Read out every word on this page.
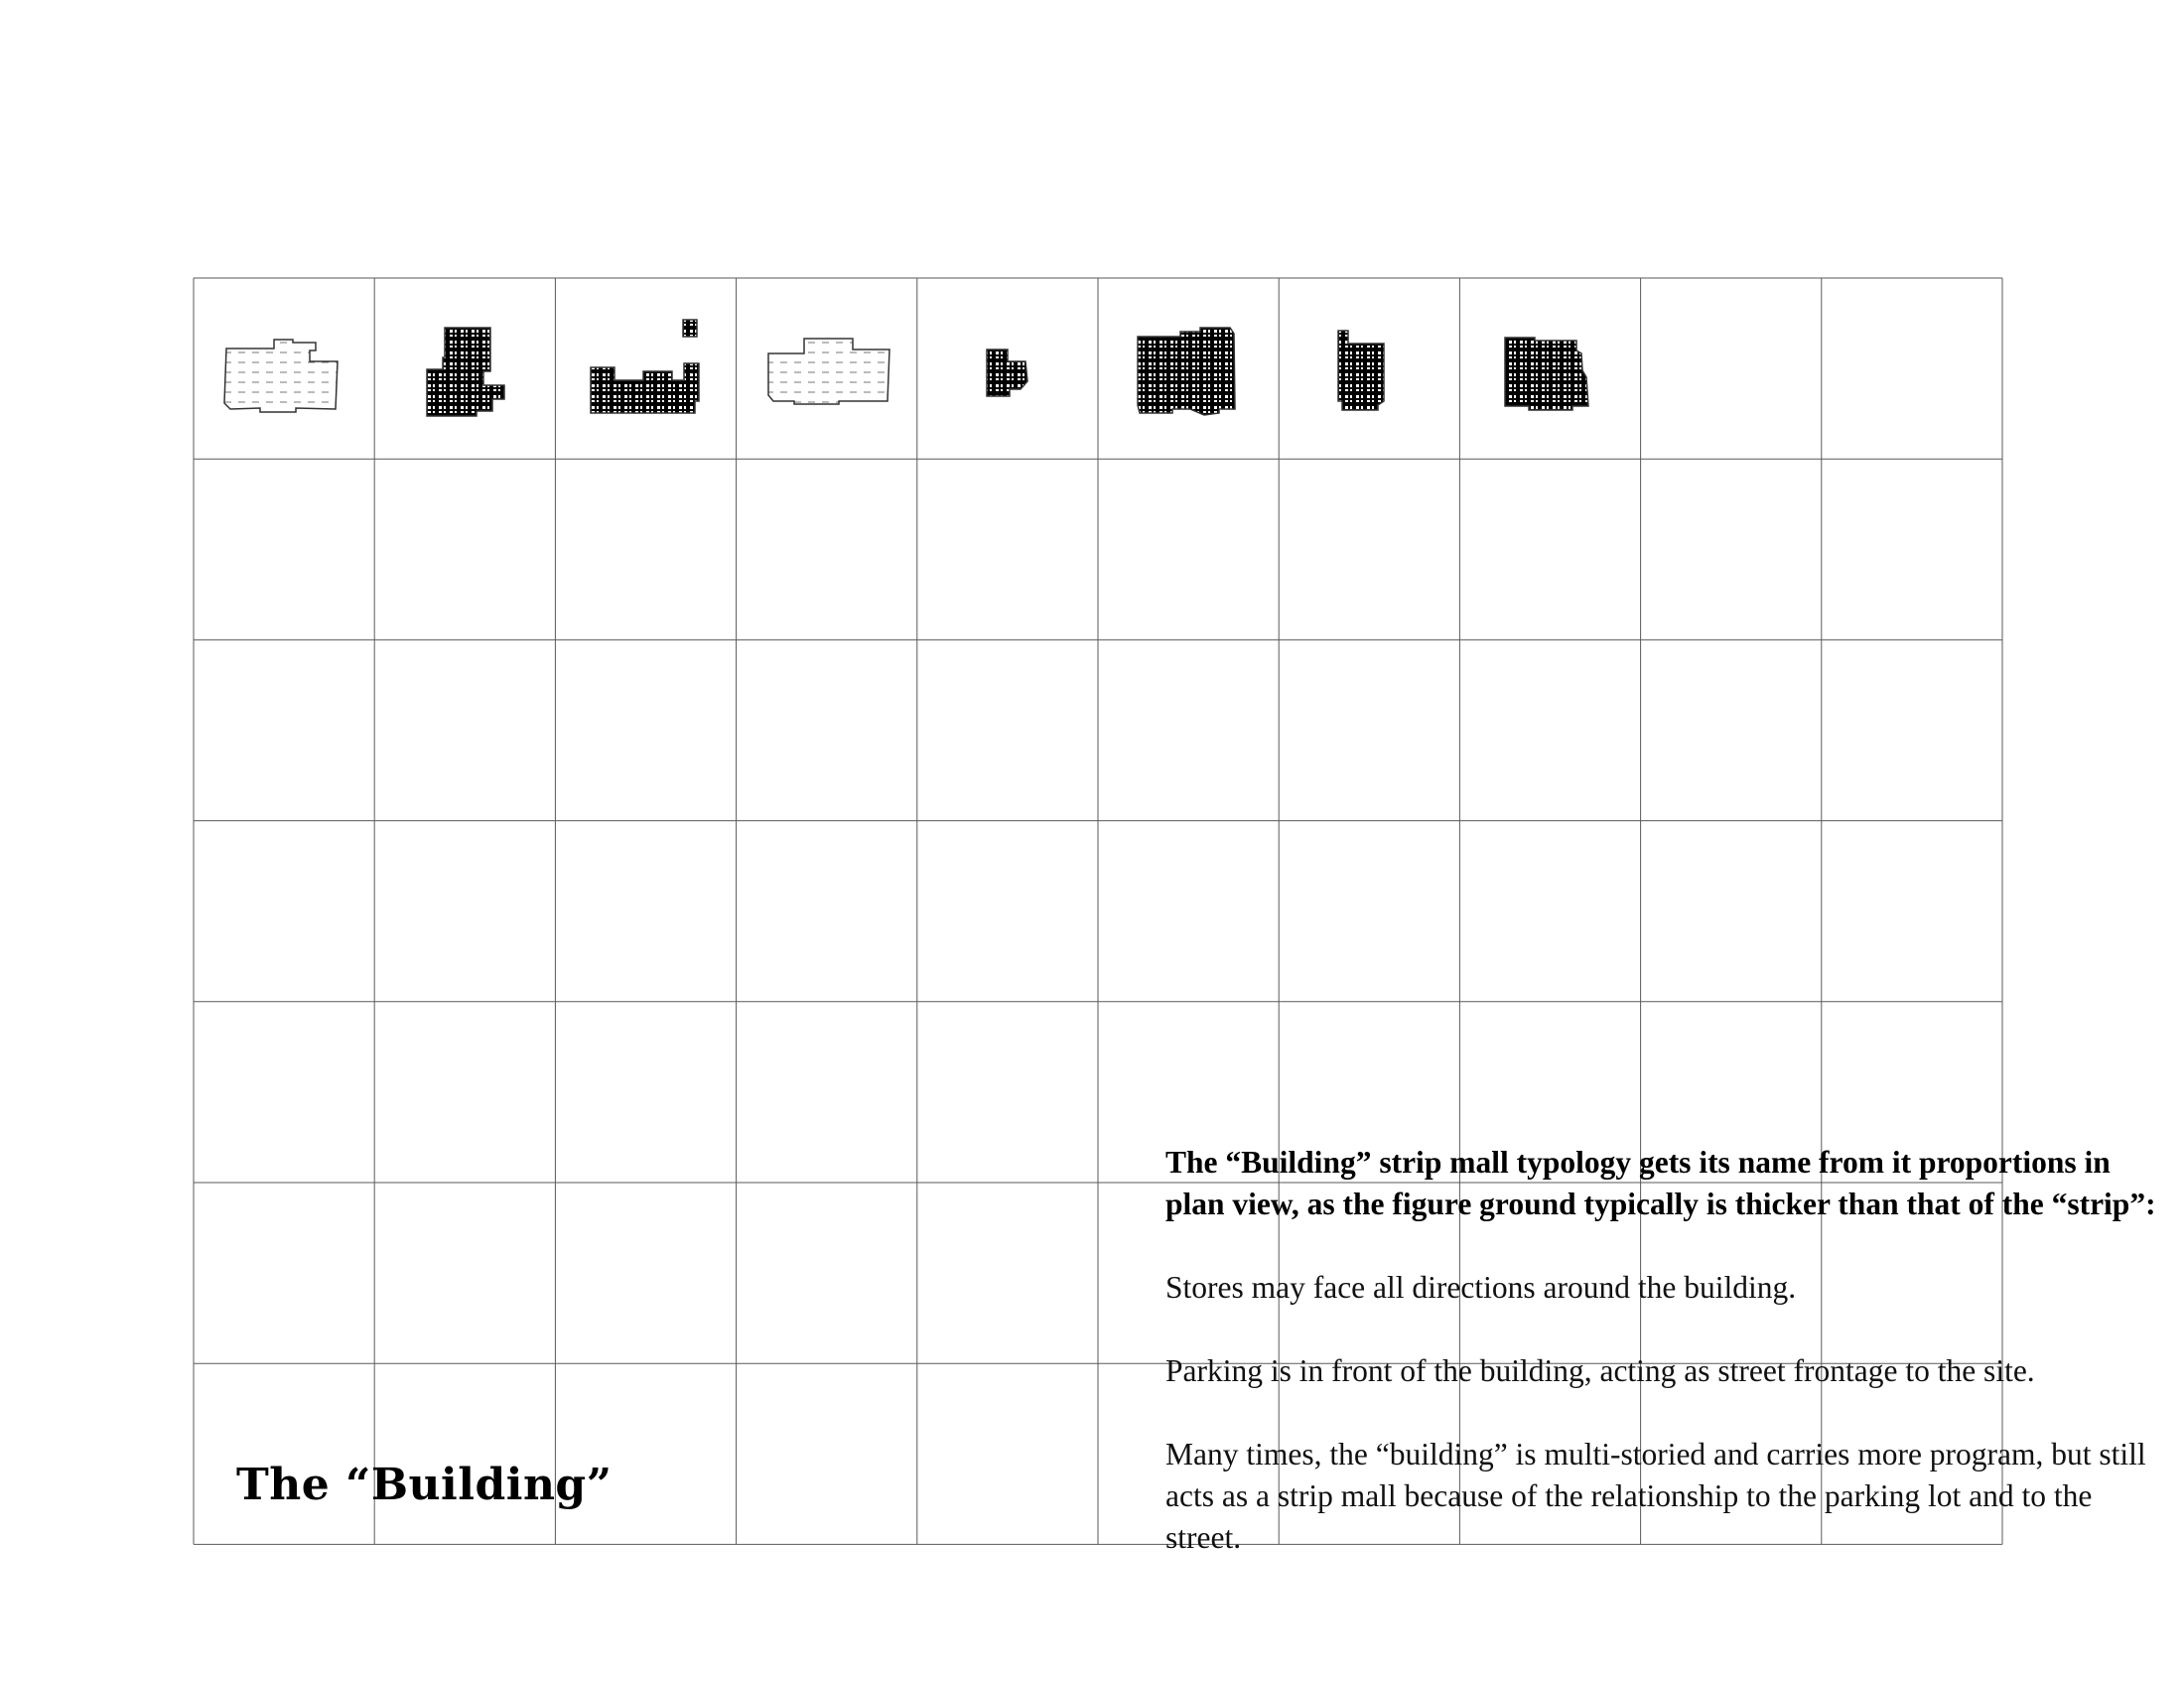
The “Building”

The “Building” strip mall typology gets its name from it proportions in plan view, as the figure ground typically is thicker than that of the “strip”:

Stores may face all directions around the building.

Parking is in front of the building, acting as street frontage to the site.

Many times, the “building” is multi-storied and carries more program, but still acts as a strip mall because of the relationship to the parking lot and to the street.
